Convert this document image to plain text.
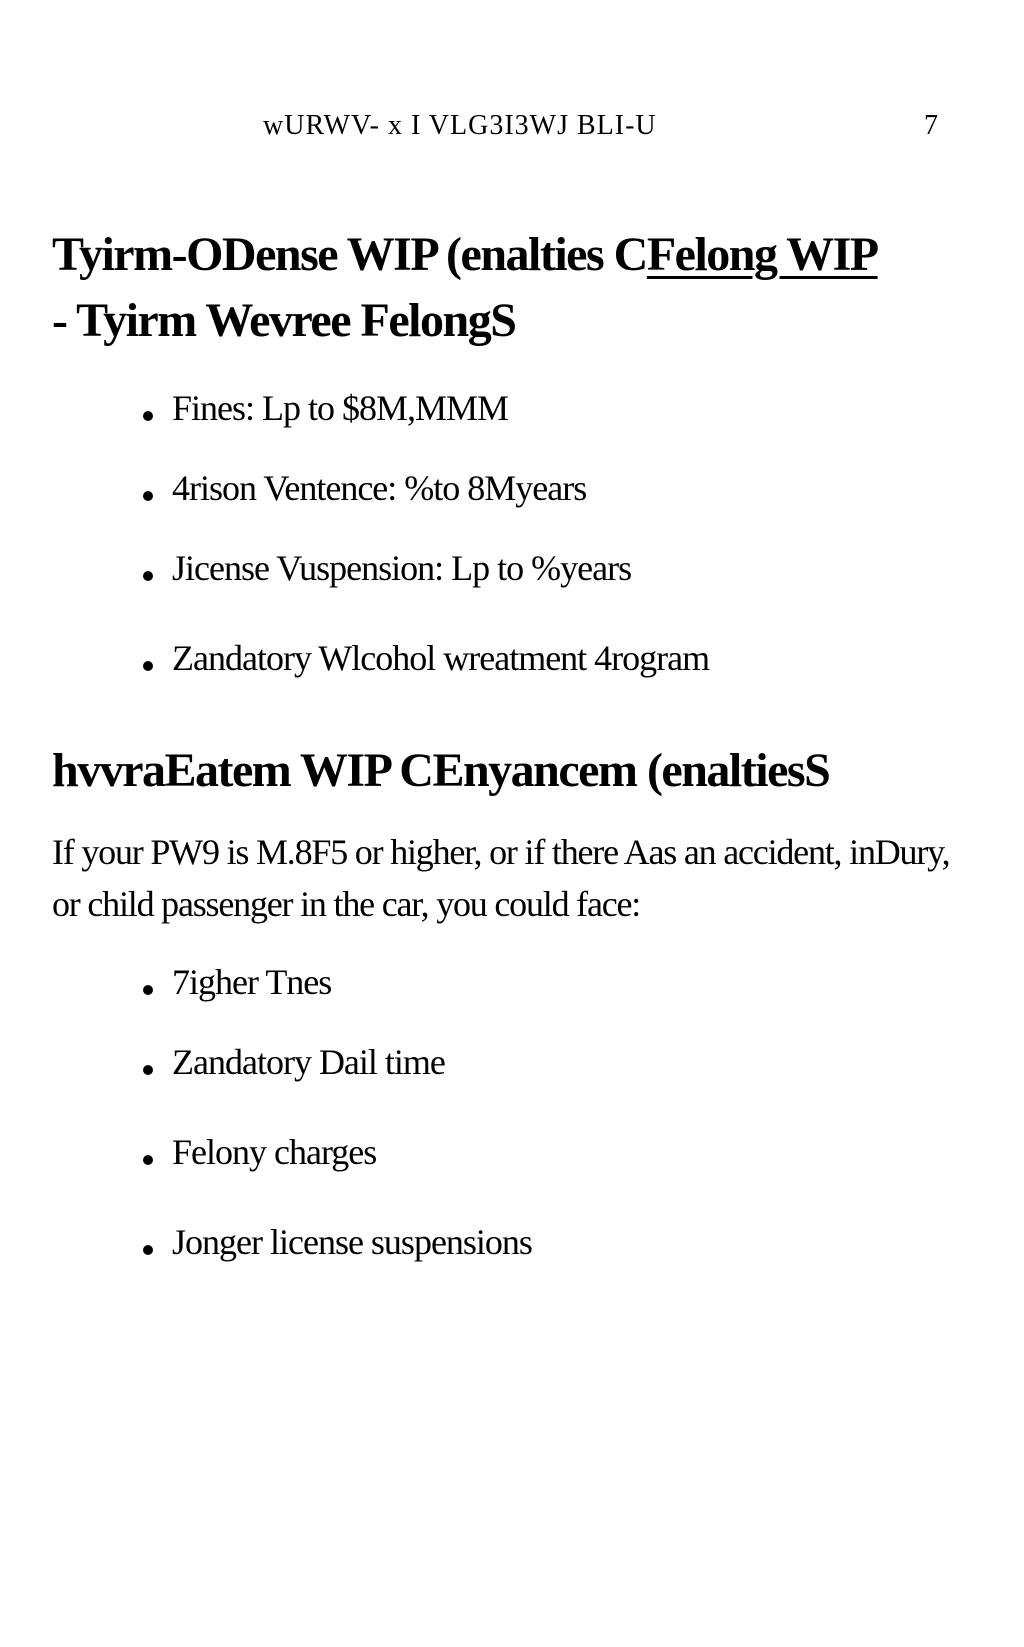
wURWV- x I VLG3I3WJ BLI-U	7
Tyirm-ODense WIP (enalties CFelong WIP
- Tyirm Wevree FelongS
Fines: Lp to $8M,MMM
4rison Ventence: %to 8Myears
Jicense Vuspension: Lp to %years
Zandatory Wlcohol wreatment 4rogram
hvvraEatem WIP CEnyancem (enaltiesS

If your PW9 is M.8F5 or higher, or if there Aas an accident, inDury, or child passenger in the car, you could face:

7igher Tnes
Zandatory Dail time
Felony charges
Jonger license suspensions
